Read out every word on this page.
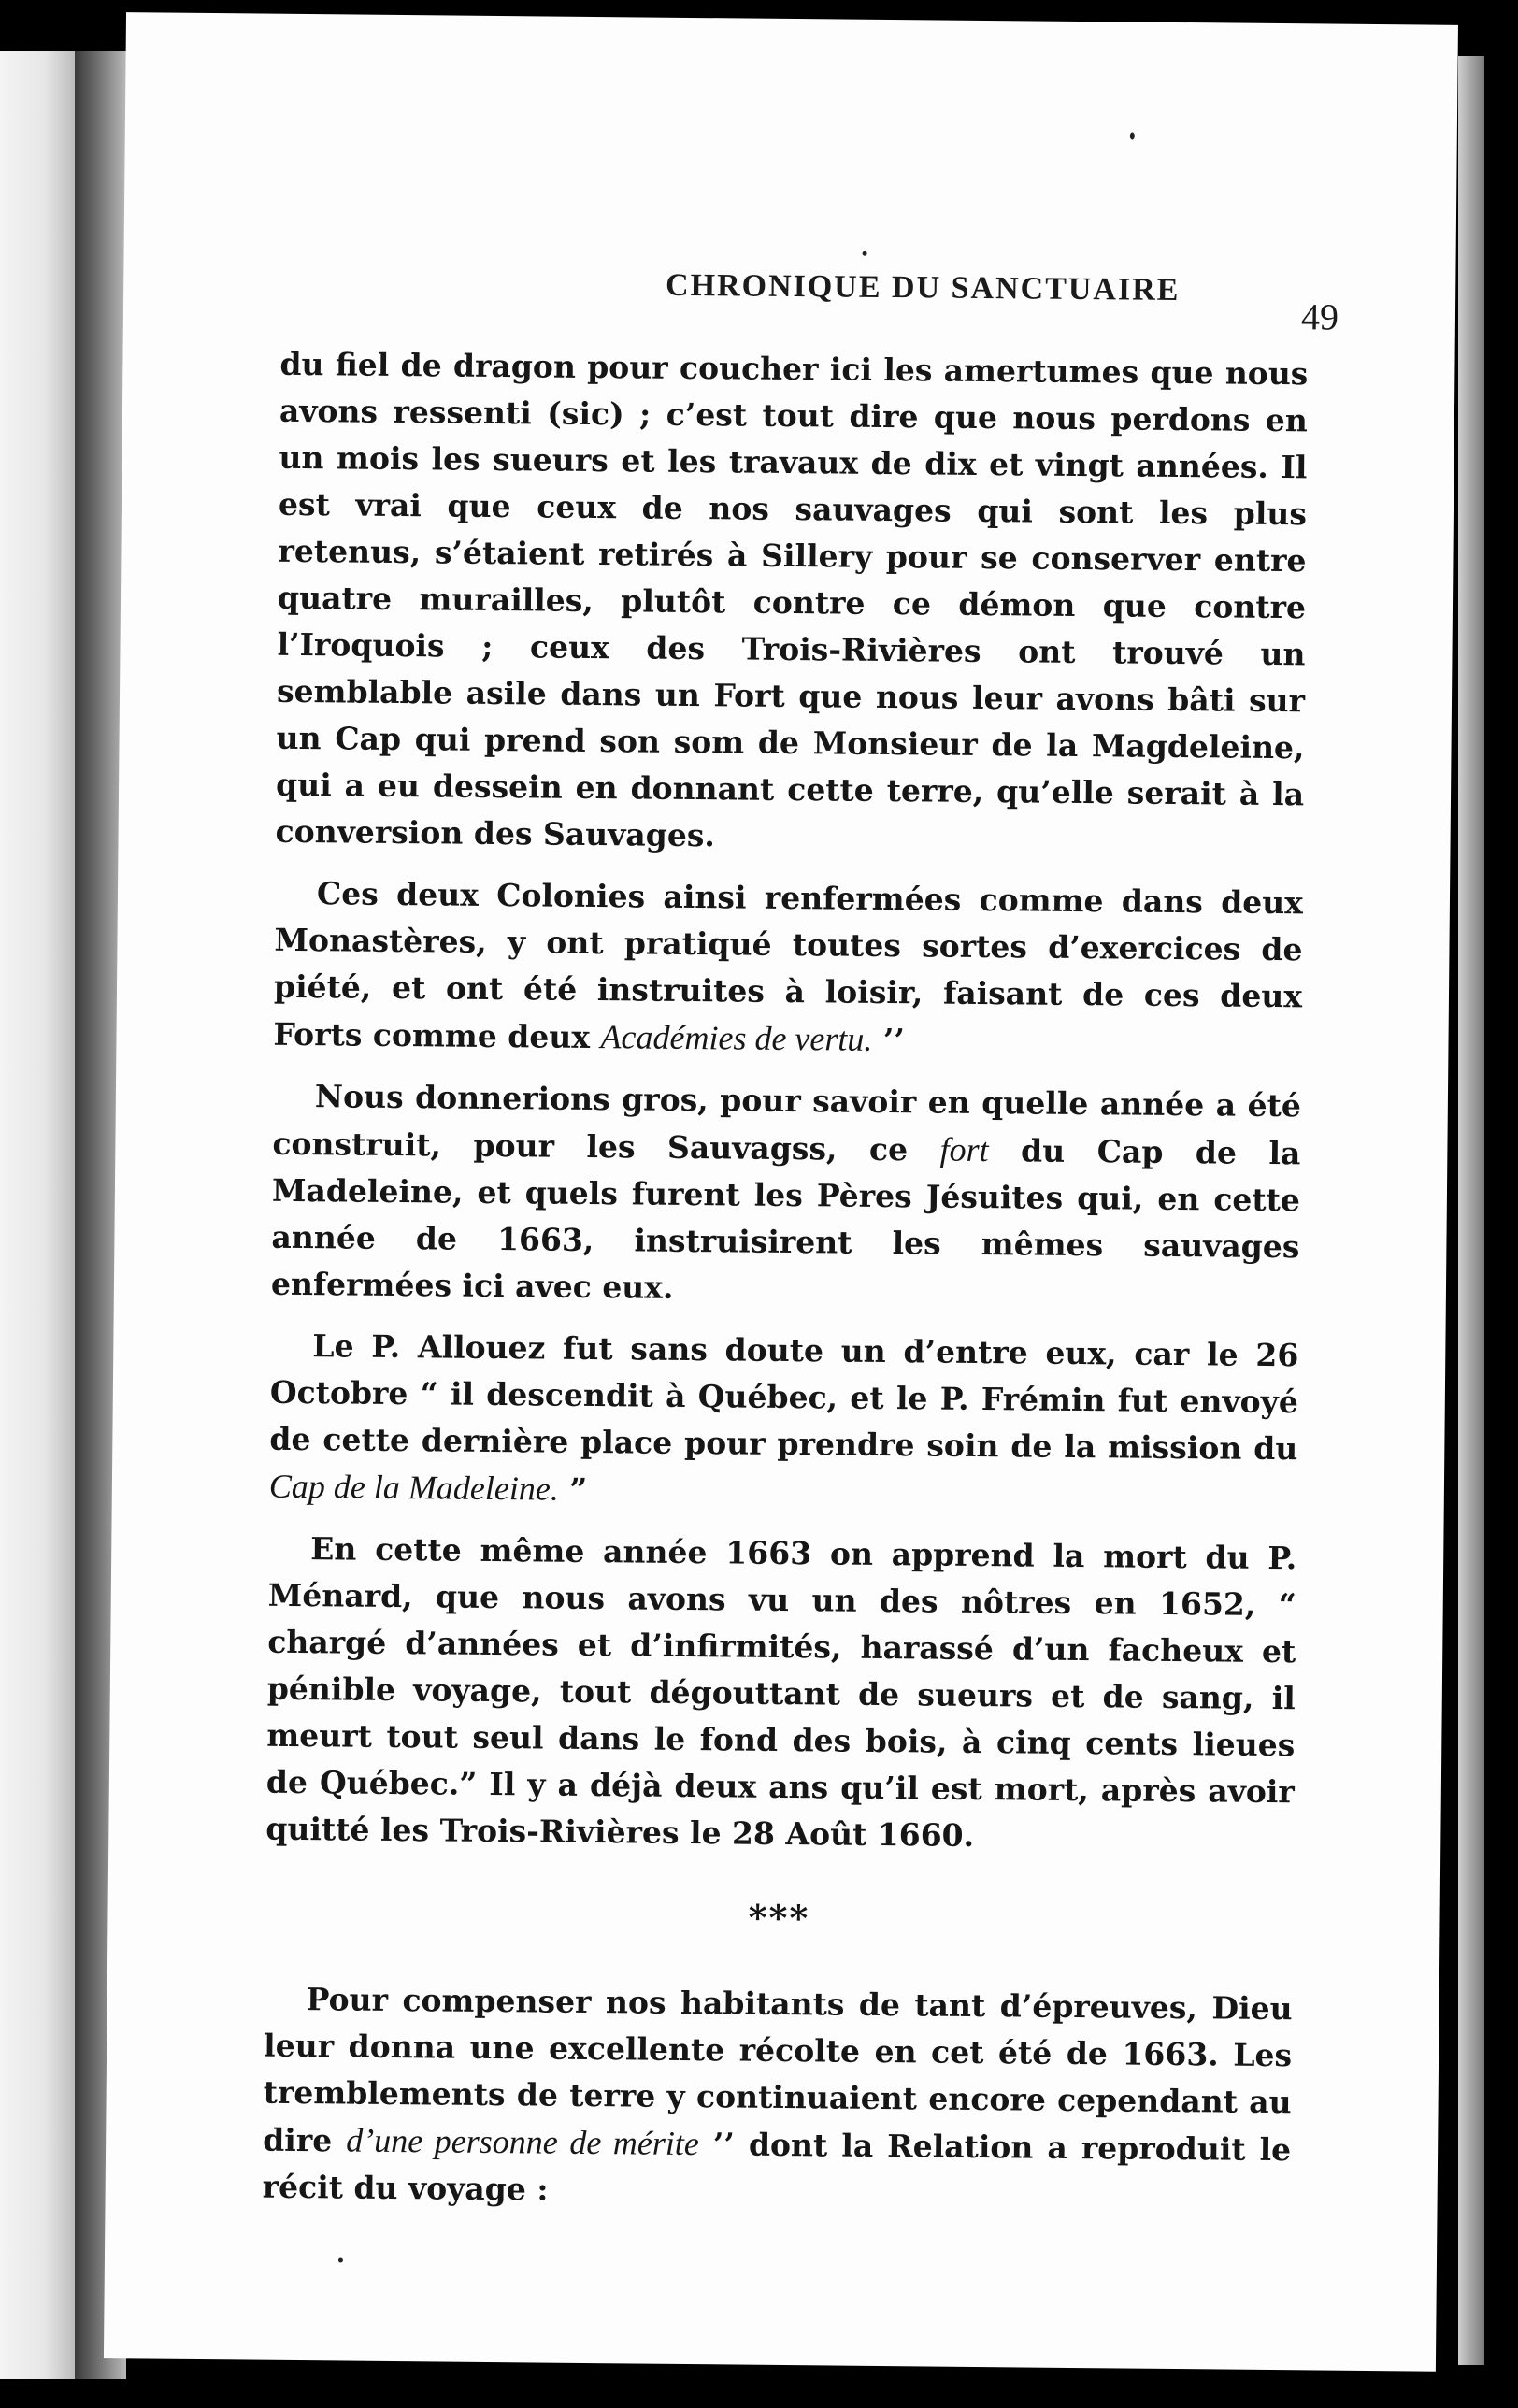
CHRONIQUE DU SANCTUAIRE
49

du fiel de dragon pour coucher ici les amertumes que nous avons ressenti (sic) ; c’est tout dire que nous perdons en un mois les sueurs et les travaux de dix et vingt années. Il est vrai que ceux de nos sauvages qui sont les plus retenus, s’étaient retirés à Sillery pour se conserver entre quatre murailles, plutôt contre ce démon que contre l’Iroquois ; ceux des Trois-Rivières ont trouvé un semblable asile dans un Fort que nous leur avons bâti sur un Cap qui prend son som de Monsieur de la Magdeleine, qui a eu dessein en donnant cette terre, qu’elle serait à la conversion des Sauvages.

Ces deux Colonies ainsi renfermées comme dans deux Monastères, y ont pratiqué toutes sortes d’exercices de piété, et ont été instruites à loisir, faisant de ces deux Forts comme deux Académies de vertu. ’’

Nous donnerions gros, pour savoir en quelle année a été construit, pour les Sauvagss, ce fort du Cap de la Madeleine, et quels furent les Pères Jésuites qui, en cette année de 1663, instruisirent les mêmes sauvages enfermées ici avec eux.

Le P. Allouez fut sans doute un d’entre eux, car le 26 Octobre “ il descendit à Québec, et le P. Frémin fut envoyé de cette dernière place pour prendre soin de la mission du Cap de la Madeleine. ”

En cette même année 1663 on apprend la mort du P. Ménard, que nous avons vu un des nôtres en 1652, “ chargé d’années et d’infirmités, harassé d’un facheux et pénible voyage, tout dégouttant de sueurs et de sang, il meurt tout seul dans le fond des bois, à cinq cents lieues de Québec.” Il y a déjà deux ans qu’il est mort, après avoir quitté les Trois-Rivières le 28 Août 1660.

***

Pour compenser nos habitants de tant d’épreuves, Dieu leur donna une excellente récolte en cet été de 1663. Les tremblements de terre y continuaient encore cependant au dire d’une personne de mérite ’’ dont la Relation a reproduit le récit du voyage :
